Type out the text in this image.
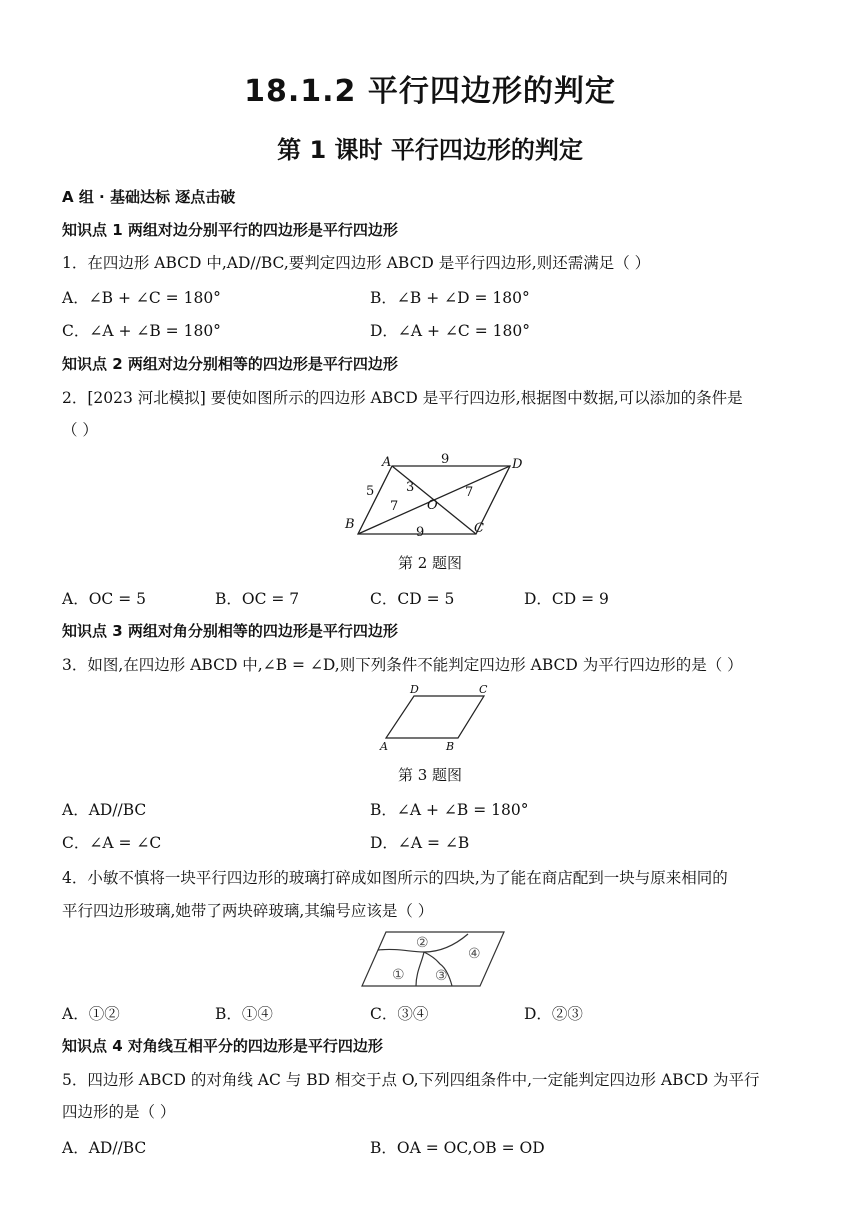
18.1.2 平行四边形的判定
第 1 课时 平行四边形的判定
A 组 · 基础达标 逐点击破
知识点 1 两组对边分别平行的四边形是平行四边形
1．在四边形 ABCD 中,AD//BC,要判定四边形 ABCD 是平行四边形,则还需满足（ ）
A．∠B + ∠C = 180°	B．∠B + ∠D = 180°
C．∠A + ∠B = 180°	D．∠A + ∠C = 180°
知识点 2 两组对边分别相等的四边形是平行四边形
2．[2023 河北模拟] 要使如图所示的四边形 ABCD 是平行四边形,根据图中数据,可以添加的条件是
（ ）
A	D
B	C
O
9
9
5 3
7
7
第 2 题图
A．OC = 5	B．OC = 7	C．CD = 5	D．CD = 9
知识点 3 两组对角分别相等的四边形是平行四边形
3．如图,在四边形 ABCD 中,∠B = ∠D,则下列条件不能判定四边形 ABCD 为平行四边形的是（ ）
D	C
A	B
第 3 题图
A．AD//BC	B．∠A + ∠B = 180°
C．∠A = ∠C	D．∠A = ∠B
4．小敏不慎将一块平行四边形的玻璃打碎成如图所示的四块,为了能在商店配到一块与原来相同的
平行四边形玻璃,她带了两块碎玻璃,其编号应该是（ ）
②
④
① ③
A．①②	B．①④	C．③④	D．②③
知识点 4 对角线互相平分的四边形是平行四边形
5．四边形 ABCD 的对角线 AC 与 BD 相交于点 O,下列四组条件中,一定能判定四边形 ABCD 为平行
四边形的是（ ）
A．AD//BC	B．OA = OC,OB = OD
